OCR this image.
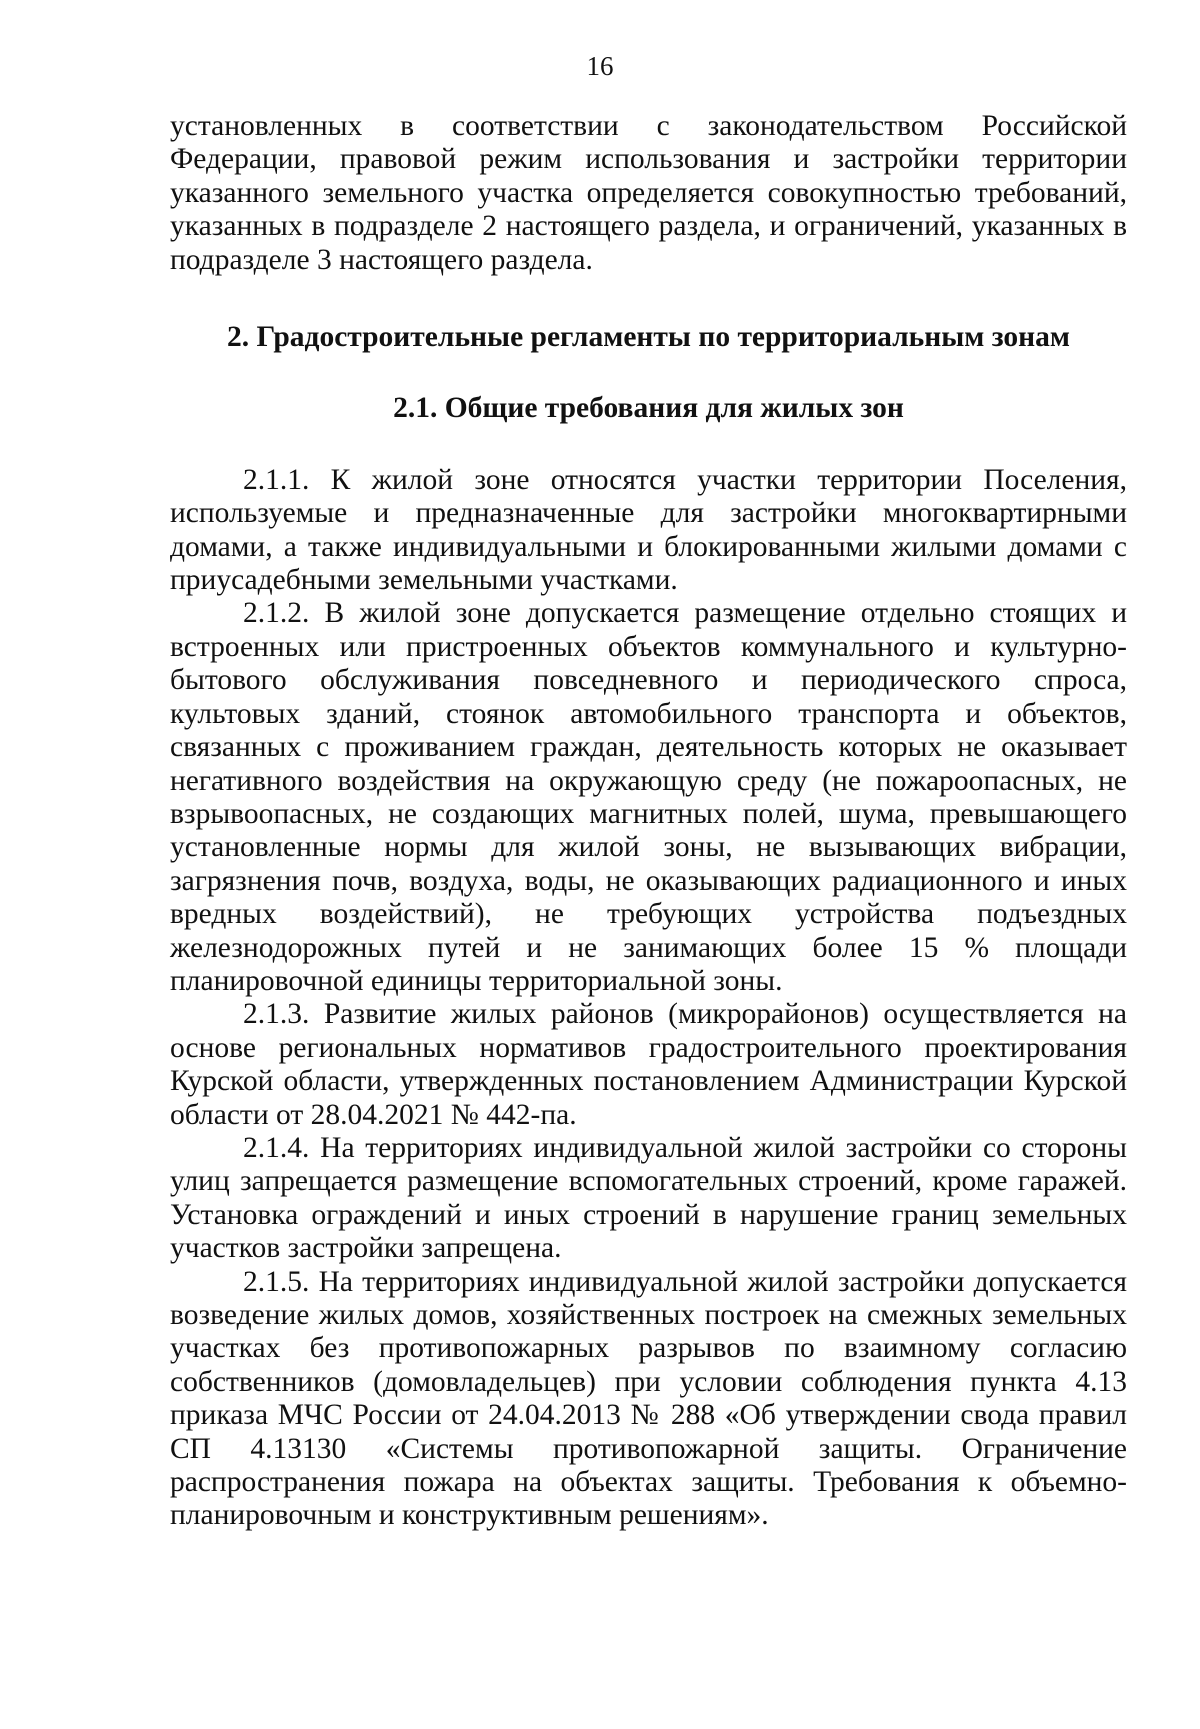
16

установленных в соответствии с законодательством Российской Федерации, правовой режим использования и застройки территории указанного земельного участка определяется совокупностью требований, указанных в подразделе 2 настоящего раздела, и ограничений, указанных в подразделе 3 настоящего раздела.

2. Градостроительные регламенты по территориальным зонам

2.1. Общие требования для жилых зон

2.1.1. К жилой зоне относятся участки территории Поселения, используемые и предназначенные для застройки многоквартирными домами, а также индивидуальными и блокированными жилыми домами с приусадебными земельными участками.

2.1.2. В жилой зоне допускается размещение отдельно стоящих и встроенных или пристроенных объектов коммунального и культурно-бытового обслуживания повседневного и периодического спроса, культовых зданий, стоянок автомобильного транспорта и объектов, связанных с проживанием граждан, деятельность которых не оказывает негативного воздействия на окружающую среду (не пожароопасных, не взрывоопасных, не создающих магнитных полей, шума, превышающего установленные нормы для жилой зоны, не вызывающих вибрации, загрязнения почв, воздуха, воды, не оказывающих радиационного и иных вредных воздействий), не требующих устройства подъездных железнодорожных путей и не занимающих более 15 % площади планировочной единицы территориальной зоны.

2.1.3. Развитие жилых районов (микрорайонов) осуществляется на основе региональных нормативов градостроительного проектирования Курской области, утвержденных постановлением Администрации Курской области от 28.04.2021 № 442-па.

2.1.4. На территориях индивидуальной жилой застройки со стороны улиц запрещается размещение вспомогательных строений, кроме гаражей. Установка ограждений и иных строений в нарушение границ земельных участков застройки запрещена.

2.1.5. На территориях индивидуальной жилой застройки допускается возведение жилых домов, хозяйственных построек на смежных земельных участках без противопожарных разрывов по взаимному согласию собственников (домовладельцев) при условии соблюдения пункта 4.13 приказа МЧС России от 24.04.2013 № 288 «Об утверждении свода правил СП 4.13130 «Системы противопожарной защиты. Ограничение распространения пожара на объектах защиты. Требования к объемно-планировочным и конструктивным решениям».
